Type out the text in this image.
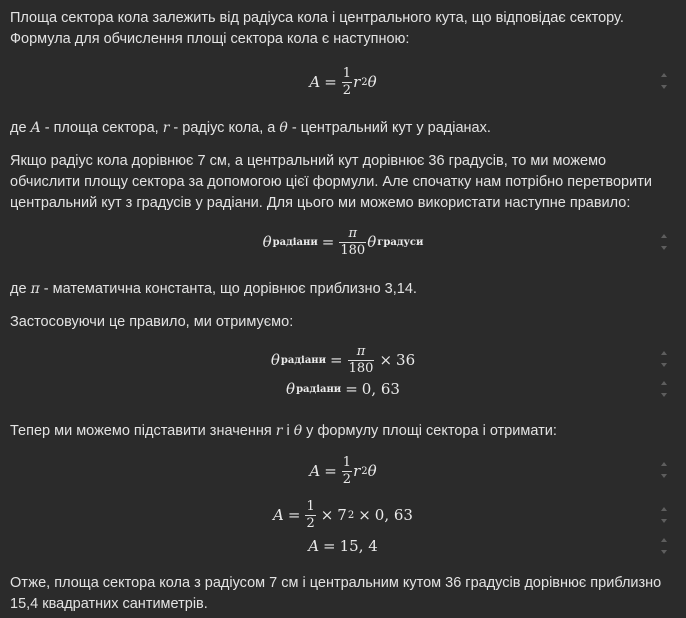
Площа сектора кола залежить від радіуса кола і центрального кута, що відповідає сектору. Формула для обчислення площі сектора кола є наступною:

$A = \frac{1}{2}$ r 2 θ

де A - площа сектора, r - радіус кола, а θ - центральний кут у радіанах.

Якщо радіус кола дорівнює 7 см, а центральний кут дорівнює 36 градусів, то ми можемо обчислити площу сектора за допомогою цієї формули. Але спочатку нам потрібно перетворити центральний кут з градусів у радіани. Для цього ми можемо використати наступне правило:

θ радіани = $\frac{\pi}{180}$ θ градуси

де π - математична константа, що дорівнює приблизно 3,14.

Застосовуючи це правило, ми отримуємо:

θ радіани = $\frac{\pi}{180} \times 36$
θ радіани = 0, 63

Тепер ми можемо підставити значення r і θ у формулу площі сектора і отримати:

$A = \frac{1}{2}$ r 2 θ
$A = \frac{1}{2} \times 7$ 2 × 0, 63
A = 15, 4

Отже, площа сектора кола з радіусом 7 см і центральним кутом 36 градусів дорівнює приблизно 15,4 квадратних сантиметрів.
